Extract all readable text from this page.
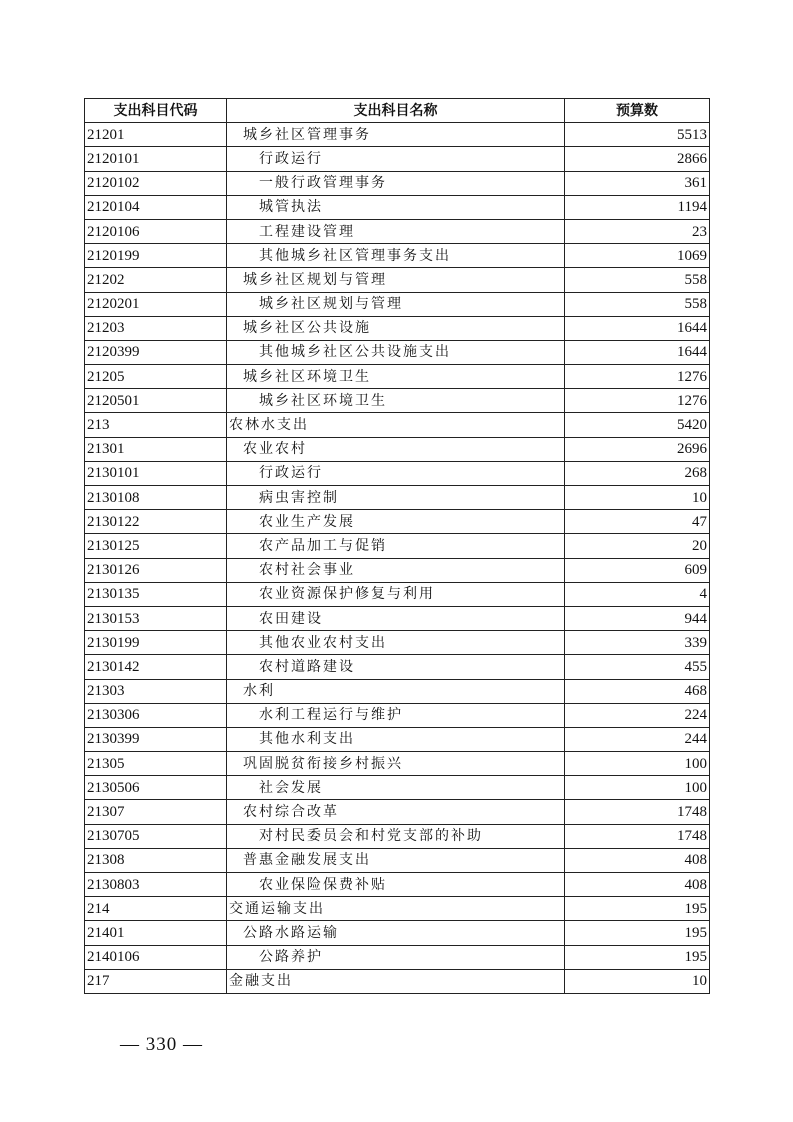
支出科目代码	支出科目名称	预算数
21201	城乡社区管理事务	5513
2120101	行政运行	2866
2120102	一般行政管理事务	361
2120104	城管执法	1194
2120106	工程建设管理	23
2120199	其他城乡社区管理事务支出	1069
21202	城乡社区规划与管理	558
2120201	城乡社区规划与管理	558
21203	城乡社区公共设施	1644
2120399	其他城乡社区公共设施支出	1644
21205	城乡社区环境卫生	1276
2120501	城乡社区环境卫生	1276
213	农林水支出	5420
21301	农业农村	2696
2130101	行政运行	268
2130108	病虫害控制	10
2130122	农业生产发展	47
2130125	农产品加工与促销	20
2130126	农村社会事业	609
2130135	农业资源保护修复与利用	4
2130153	农田建设	944
2130199	其他农业农村支出	339
2130142	农村道路建设	455
21303	水利	468
2130306	水利工程运行与维护	224
2130399	其他水利支出	244
21305	巩固脱贫衔接乡村振兴	100
2130506	社会发展	100
21307	农村综合改革	1748
2130705	对村民委员会和村党支部的补助	1748
21308	普惠金融发展支出	408
2130803	农业保险保费补贴	408
214	交通运输支出	195
21401	公路水路运输	195
2140106	公路养护	195
217	金融支出	10
— 330 —
